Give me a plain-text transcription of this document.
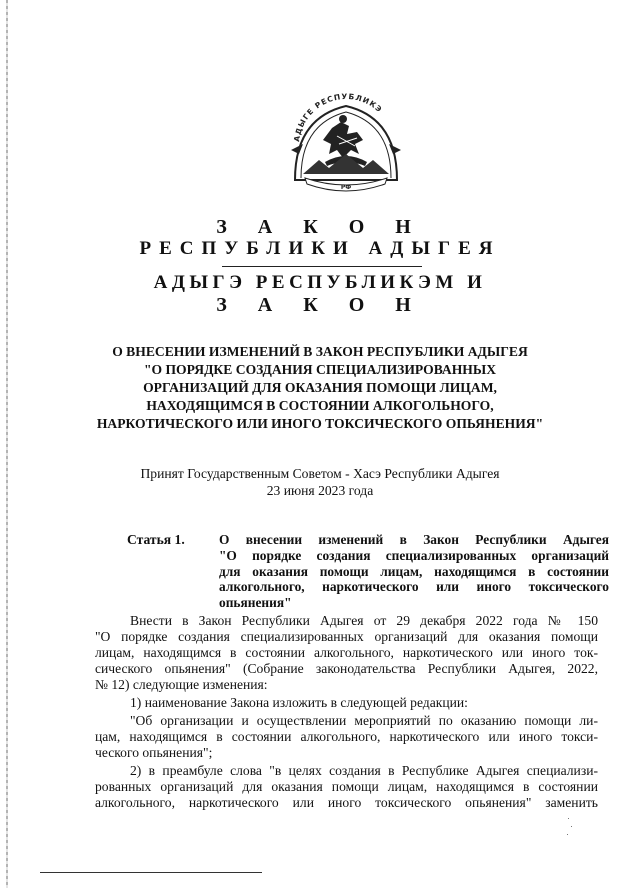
АДЫГЕ РЕСПУБЛИКЭ
РФ
З А К О Н
РЕСПУБЛИКИ АДЫГЕЯ
АДЫГЭ РЕСПУБЛИКЭМ И
З А К О Н
О ВНЕСЕНИИ ИЗМЕНЕНИЙ В ЗАКОН РЕСПУБЛИКИ АДЫГЕЯ
"О ПОРЯДКЕ СОЗДАНИЯ СПЕЦИАЛИЗИРОВАННЫХ
ОРГАНИЗАЦИЙ ДЛЯ ОКАЗАНИЯ ПОМОЩИ ЛИЦАМ,
НАХОДЯЩИМСЯ В СОСТОЯНИИ АЛКОГОЛЬНОГО,
НАРКОТИЧЕСКОГО ИЛИ ИНОГО ТОКСИЧЕСКОГО ОПЬЯНЕНИЯ"
Принят Государственным Советом - Хасэ Республики Адыгея
23 июня 2023 года
Статья 1.	О внесении изменений в Закон Республики Адыгея
"О порядке создания специализированных организаций
для оказания помощи лицам, находящимся в состоянии
алкогольного, наркотического или иного токсического
опьянения"
Внести в Закон Республики Адыгея от 29 декабря 2022 года № 150
"О порядке создания специализированных организаций для оказания помощи
лицам, находящимся в состоянии алкогольного, наркотического или иного ток-
сического опьянения" (Собрание законодательства Республики Адыгея, 2022,
№ 12) следующие изменения:
1) наименование Закона изложить в следующей редакции:
"Об организации и осуществлении мероприятий по оказанию помощи ли-
цам, находящимся в состоянии алкогольного, наркотического или иного токси-
ческого опьянения";
2) в преамбуле слова "в целях создания в Республике Адыгея специализи-
рованных организаций для оказания помощи лицам, находящимся в состоянии
алкогольного, наркотического или иного токсического опьянения" заменить
